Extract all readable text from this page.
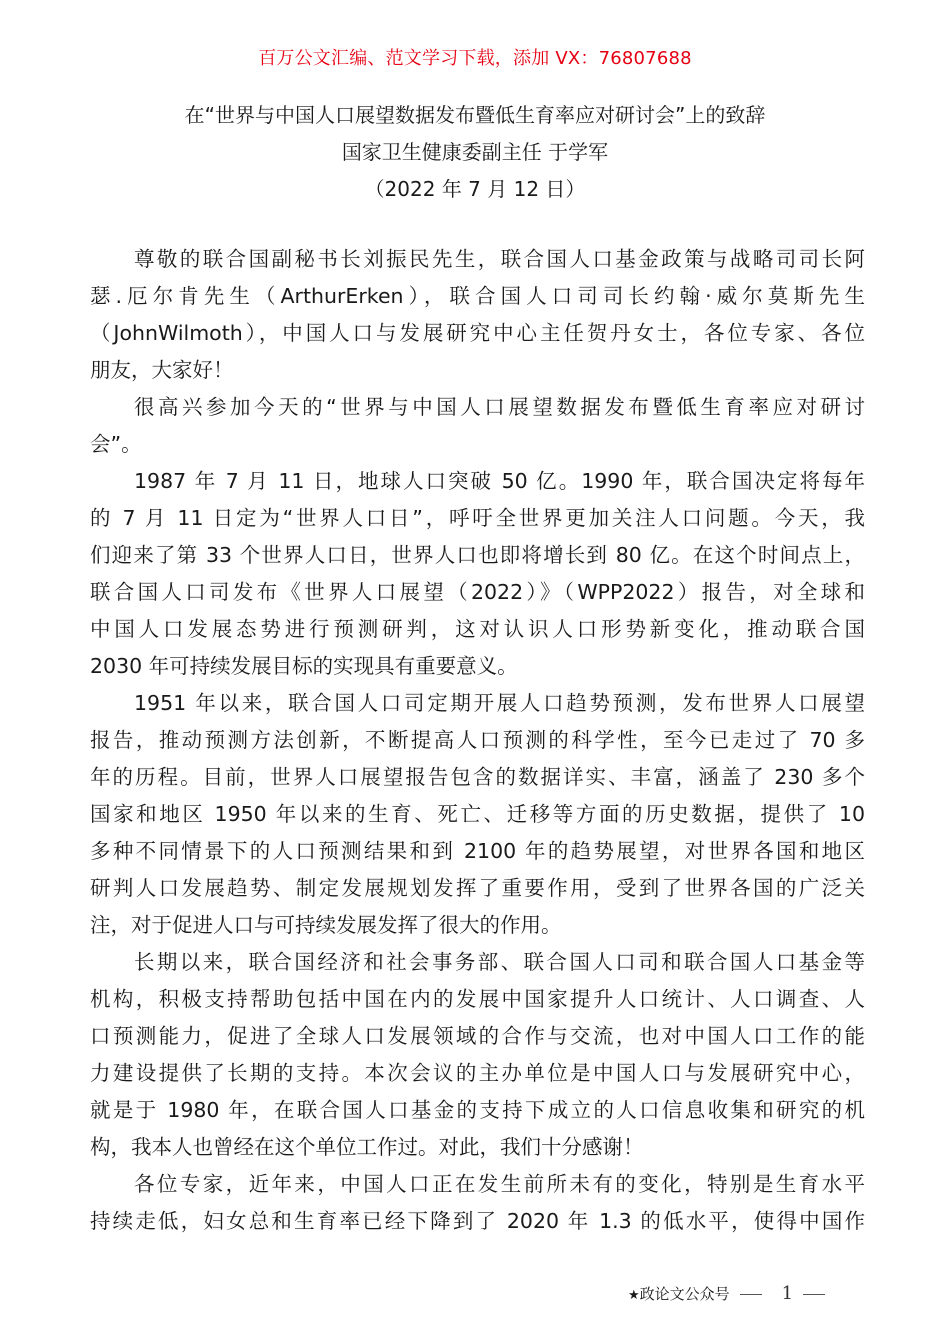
百万公文汇编、范文学习下载，添加 VX：76807688
在“世界与中国人口展望数据发布暨低生育率应对研讨会”上的致辞
国家卫生健康委副主任 于学军
（2022 年 7 月 12 日）
尊敬的联合国副秘书长刘振民先生，联合国人口基金政策与战略司司长阿
瑟.厄尔肯先生（ArthurErken），联合国人口司司长约翰·威尔莫斯先生
（JohnWilmoth），中国人口与发展研究中心主任贺丹女士，各位专家、各位
朋友，大家好！
很高兴参加今天的“世界与中国人口展望数据发布暨低生育率应对研讨
会”。
1987 年 7 月 11 日，地球人口突破 50 亿。1990 年，联合国决定将每年
的 7 月 11 日定为“世界人口日”，呼吁全世界更加关注人口问题。今天，我
们迎来了第 33 个世界人口日，世界人口也即将增长到 80 亿。在这个时间点上，
联合国人口司发布《世界人口展望（2022）》（WPP2022）报告，对全球和
中国人口发展态势进行预测研判，这对认识人口形势新变化，推动联合国
2030 年可持续发展目标的实现具有重要意义。
1951 年以来，联合国人口司定期开展人口趋势预测，发布世界人口展望
报告，推动预测方法创新，不断提高人口预测的科学性，至今已走过了 70 多
年的历程。目前，世界人口展望报告包含的数据详实、丰富，涵盖了 230 多个
国家和地区 1950 年以来的生育、死亡、迁移等方面的历史数据，提供了 10
多种不同情景下的人口预测结果和到 2100 年的趋势展望，对世界各国和地区
研判人口发展趋势、制定发展规划发挥了重要作用，受到了世界各国的广泛关
注，对于促进人口与可持续发展发挥了很大的作用。
长期以来，联合国经济和社会事务部、联合国人口司和联合国人口基金等
机构，积极支持帮助包括中国在内的发展中国家提升人口统计、人口调查、人
口预测能力，促进了全球人口发展领域的合作与交流，也对中国人口工作的能
力建设提供了长期的支持。本次会议的主办单位是中国人口与发展研究中心，
就是于 1980 年，在联合国人口基金的支持下成立的人口信息收集和研究的机
构，我本人也曾经在这个单位工作过。对此，我们十分感谢！
各位专家，近年来，中国人口正在发生前所未有的变化，特别是生育水平
持续走低，妇女总和生育率已经下降到了 2020 年 1.3 的低水平，使得中国作
★政论文公众号	1
